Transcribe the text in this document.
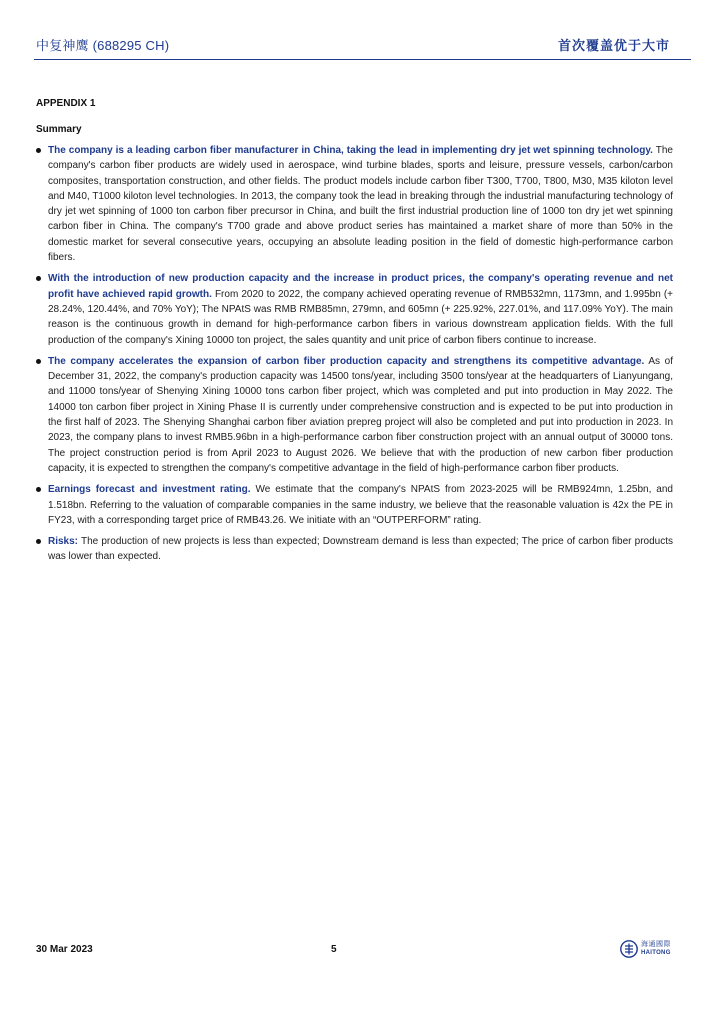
中复神鹰 (688295 CH)	首次覆盖优于大市
APPENDIX 1
Summary
The company is a leading carbon fiber manufacturer in China, taking the lead in implementing dry jet wet spinning technology. The company's carbon fiber products are widely used in aerospace, wind turbine blades, sports and leisure, pressure vessels, carbon/carbon composites, transportation construction, and other fields. The product models include carbon fiber T300, T700, T800, M30, M35 kiloton level and M40, T1000 kiloton level technologies. In 2013, the company took the lead in breaking through the industrial manufacturing technology of dry jet wet spinning of 1000 ton carbon fiber precursor in China, and built the first industrial production line of 1000 ton dry jet wet spinning carbon fiber in China. The company's T700 grade and above product series has maintained a market share of more than 50% in the domestic market for several consecutive years, occupying an absolute leading position in the field of domestic high-performance carbon fibers.
With the introduction of new production capacity and the increase in product prices, the company's operating revenue and net profit have achieved rapid growth. From 2020 to 2022, the company achieved operating revenue of RMB532mn, 1173mn, and 1.995bn (+ 28.24%, 120.44%, and 70% YoY); The NPAtS was RMB RMB85mn, 279mn, and 605mn (+ 225.92%, 227.01%, and 117.09% YoY). The main reason is the continuous growth in demand for high-performance carbon fibers in various downstream application fields. With the full production of the company's Xining 10000 ton project, the sales quantity and unit price of carbon fibers continue to increase.
The company accelerates the expansion of carbon fiber production capacity and strengthens its competitive advantage. As of December 31, 2022, the company's production capacity was 14500 tons/year, including 3500 tons/year at the headquarters of Lianyungang, and 11000 tons/year of Shenying Xining 10000 tons carbon fiber project, which was completed and put into production in May 2022. The 14000 ton carbon fiber project in Xining Phase II is currently under comprehensive construction and is expected to be put into production in the first half of 2023. The Shenying Shanghai carbon fiber aviation prepreg project will also be completed and put into production in 2023. In 2023, the company plans to invest RMB5.96bn in a high-performance carbon fiber construction project with an annual output of 30000 tons. The project construction period is from April 2023 to August 2026. We believe that with the production of new carbon fiber production capacity, it is expected to strengthen the company's competitive advantage in the field of high-performance carbon fiber products.
Earnings forecast and investment rating. We estimate that the company's NPAtS from 2023-2025 will be RMB924mn, 1.25bn, and 1.518bn. Referring to the valuation of comparable companies in the same industry, we believe that the reasonable valuation is 42x the PE in FY23, with a corresponding target price of RMB43.26. We initiate with an “OUTPERFORM” rating.
Risks: The production of new projects is less than expected; Downstream demand is less than expected; The price of carbon fiber products was lower than expected.
30 Mar 2023	5	海通國際
HAITONG
